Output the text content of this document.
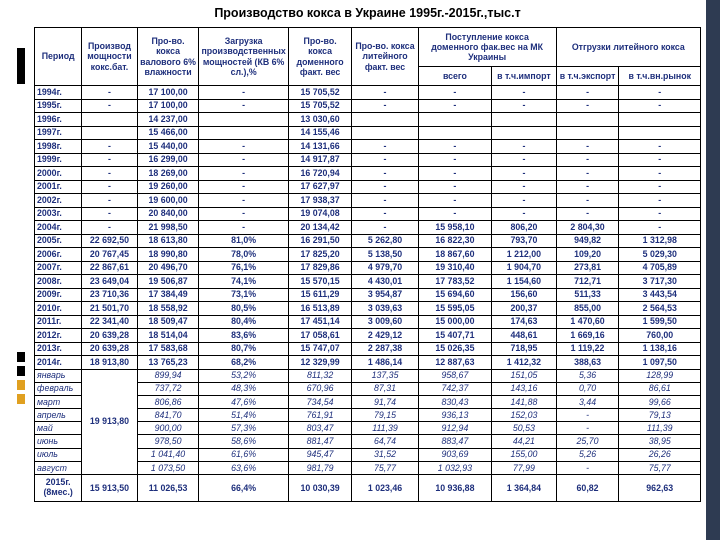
Производство кокса в Украине 1995г.-2015г.,тыс.т
Период	Производ мощности кокс.бат.	Про-во. кокса валового 6% влажности	Загрузка производственных мощностей (КВ 6% сл.),%	Про-во. кокса доменного факт. вес	Про-во. кокса литейного факт. вес	Поступление кокса доменного фак.вес на МК Украины		Отгрузки литейного кокса	
						всего	в т.ч.импорт	в т.ч.экспорт	в т.ч.вн.рынок
1994г.	-	17 100,00	-	15 705,52	-	-	-	-	-
1995г.	-	17 100,00	-	15 705,52	-	-	-	-	-
1996г.		14 237,00		13 030,60					
1997г.		15 466,00		14 155,46					
1998г.	-	15 440,00	-	14 131,66	-	-	-	-	-
1999г.	-	16 299,00	-	14 917,87	-	-	-	-	-
2000г.	-	18 269,00	-	16 720,94	-	-	-	-	-
2001г.	-	19 260,00	-	17 627,97	-	-	-	-	-
2002г.	-	19 600,00	-	17 938,37	-	-	-	-	-
2003г.	-	20 840,00	-	19 074,08	-	-	-	-	-
2004г.	-	21 998,50	-	20 134,42	-	15 958,10	806,20	2 804,30	-
2005г.	22 692,50	18 613,80	81,0%	16 291,50	5 262,80	16 822,30	793,70	949,82	1 312,98
2006г.	20 767,45	18 990,80	78,0%	17 825,20	5 138,50	18 867,60	1 212,00	109,20	5 029,30
2007г.	22 867,61	20 496,70	76,1%	17 829,86	4 979,70	19 310,40	1 904,70	273,81	4 705,89
2008г.	23 649,04	19 506,87	74,1%	15 570,15	4 430,01	17 783,52	1 154,60	712,71	3 717,30
2009г.	23 710,36	17 384,49	73,1%	15 611,29	3 954,87	15 694,60	156,60	511,33	3 443,54
2010г.	21 501,70	18 558,92	80,5%	16 513,89	3 039,63	15 595,05	200,37	855,00	2 564,53
2011г.	22 341,40	18 509,47	80,4%	17 451,14	3 009,60	15 000,00	174,63	1 470,60	1 599,50
2012г.	20 639,28	18 514,04	83,6%	17 058,61	2 429,12	15 407,71	448,61	1 669,16	760,00
2013г.	20 639,28	17 583,68	80,7%	15 747,07	2 287,38	15 026,35	718,95	1 119,22	1 138,16
2014г.	18 913,80	13 765,23	68,2%	12 329,99	1 486,14	12 887,63	1 412,32	388,63	1 097,50
январь	19 913,80	899,94	53,2%	811,32	137,35	958,67	151,05	5,36	128,99
февраль		737,72	48,3%	670,96	87,31	742,37	143,16	0,70	86,61
март		806,86	47,6%	734,54	91,74	830,43	141,88	3,44	99,66
апрель		841,70	51,4%	761,91	79,15	936,13	152,03	-	79,13
май		900,00	57,3%	803,47	111,39	912,94	50,53	-	111,39
июнь		978,50	58,6%	881,47	64,74	883,47	44,21	25,70	38,95
июль		1 041,40	61,6%	945,47	31,52	903,69	155,00	5,26	26,26
август		1 073,50	63,6%	981,79	75,77	1 032,93	77,99	-	75,77
2015г. (8мес.)	15 913,50	11 026,53	66,4%	10 030,39	1 023,46	10 936,88	1 364,84	60,82	962,63
